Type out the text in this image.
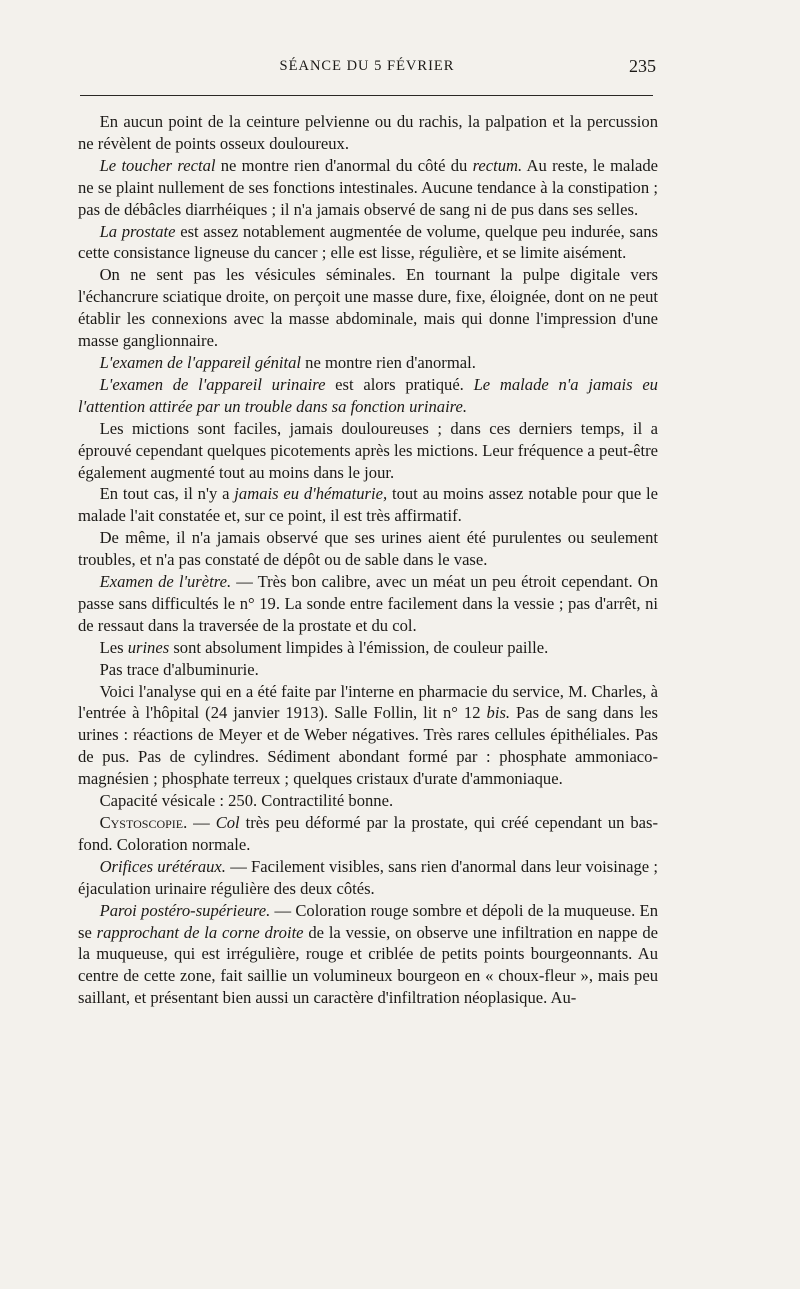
SÉANCE DU 5 FÉVRIER	235

En aucun point de la ceinture pelvienne ou du rachis, la palpation et la percussion ne révèlent de points osseux douloureux.

Le toucher rectal ne montre rien d'anormal du côté du rectum. Au reste, le malade ne se plaint nullement de ses fonctions intestinales. Aucune tendance à la constipation ; pas de débâcles diarrhéiques ; il n'a jamais observé de sang ni de pus dans ses selles.

La prostate est assez notablement augmentée de volume, quelque peu indurée, sans cette consistance ligneuse du cancer ; elle est lisse, régulière, et se limite aisément.

On ne sent pas les vésicules séminales. En tournant la pulpe digitale vers l'échancrure sciatique droite, on perçoit une masse dure, fixe, éloignée, dont on ne peut établir les connexions avec la masse abdominale, mais qui donne l'impression d'une masse ganglionnaire.

L'examen de l'appareil génital ne montre rien d'anormal.

L'examen de l'appareil urinaire est alors pratiqué. Le malade n'a jamais eu l'attention attirée par un trouble dans sa fonction urinaire.

Les mictions sont faciles, jamais douloureuses ; dans ces derniers temps, il a éprouvé cependant quelques picotements après les mictions. Leur fréquence a peut-être également augmenté tout au moins dans le jour.

En tout cas, il n'y a jamais eu d'hématurie, tout au moins assez notable pour que le malade l'ait constatée et, sur ce point, il est très affirmatif.

De même, il n'a jamais observé que ses urines aient été purulentes ou seulement troubles, et n'a pas constaté de dépôt ou de sable dans le vase.

Examen de l'urètre. — Très bon calibre, avec un méat un peu étroit cependant. On passe sans difficultés le n° 19. La sonde entre facilement dans la vessie ; pas d'arrêt, ni de ressaut dans la traversée de la prostate et du col.

Les urines sont absolument limpides à l'émission, de couleur paille.

Pas trace d'albuminurie.

Voici l'analyse qui en a été faite par l'interne en pharmacie du service, M. Charles, à l'entrée à l'hôpital (24 janvier 1913). Salle Follin, lit n° 12 bis. Pas de sang dans les urines : réactions de Meyer et de Weber négatives. Très rares cellules épithéliales. Pas de pus. Pas de cylindres. Sédiment abondant formé par : phosphate ammoniaco-magnésien ; phosphate terreux ; quelques cristaux d'urate d'ammoniaque.

Capacité vésicale : 250. Contractilité bonne.

Cystoscopie. — Col très peu déformé par la prostate, qui créé cependant un bas-fond. Coloration normale.

Orifices urétéraux. — Facilement visibles, sans rien d'anormal dans leur voisinage ; éjaculation urinaire régulière des deux côtés.

Paroi postéro-supérieure. — Coloration rouge sombre et dépoli de la muqueuse. En se rapprochant de la corne droite de la vessie, on observe une infiltration en nappe de la muqueuse, qui est irrégulière, rouge et criblée de petits points bourgeonnants. Au centre de cette zone, fait saillie un volumineux bourgeon en « choux-fleur », mais peu saillant, et présentant bien aussi un caractère d'infiltration néoplasique. Au-
